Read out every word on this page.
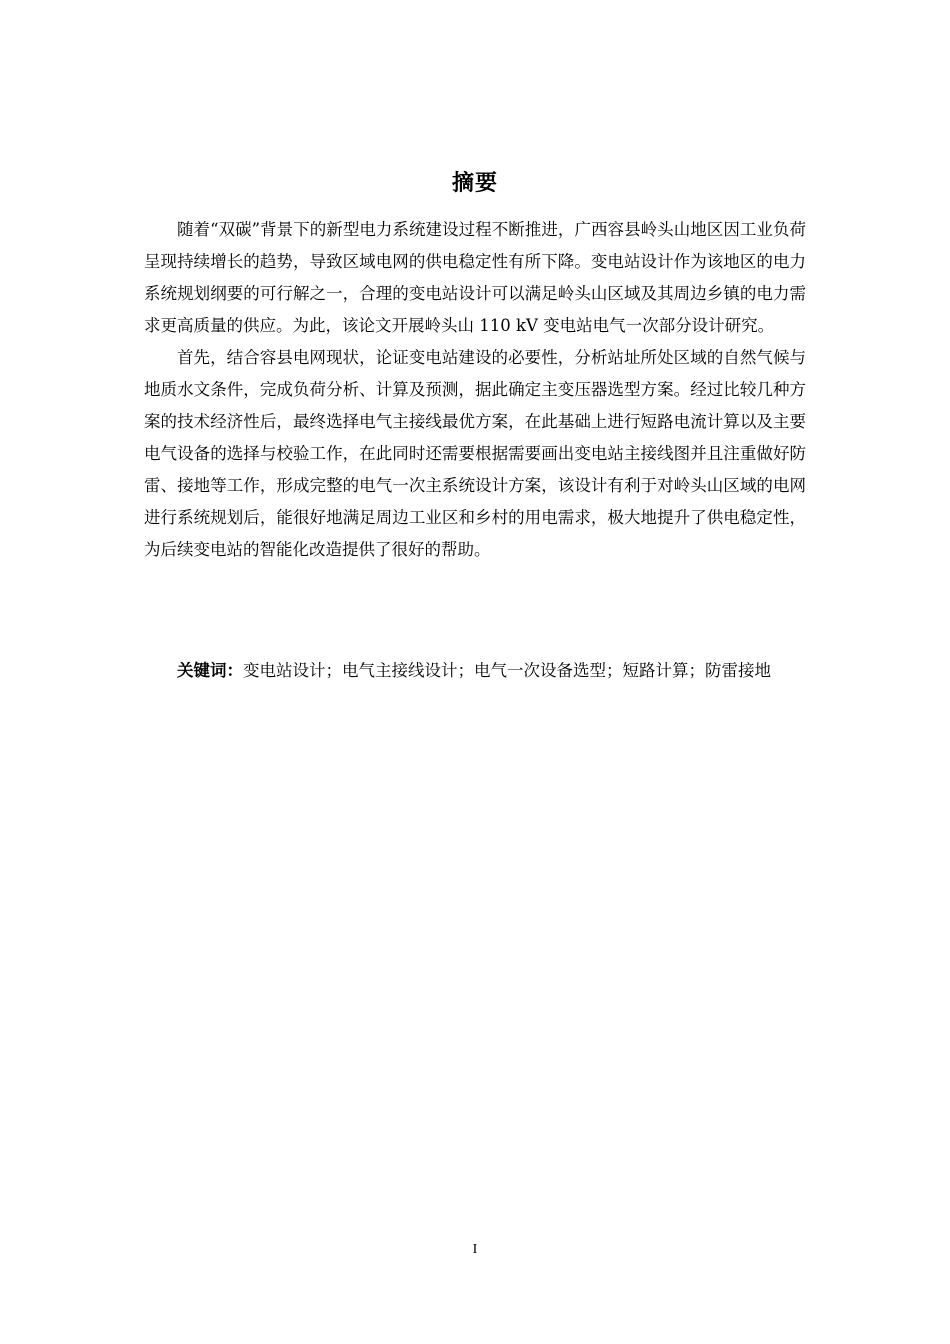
摘要

随着“双碳”背景下的新型电力系统建设过程不断推进，广西容县岭头山地区因工业负荷呈现持续增长的趋势，导致区域电网的供电稳定性有所下降。变电站设计作为该地区的电力系统规划纲要的可行解之一，合理的变电站设计可以满足岭头山区域及其周边乡镇的电力需求更高质量的供应。为此，该论文开展岭头山 110 kV 变电站电气一次部分设计研究。

首先，结合容县电网现状，论证变电站建设的必要性，分析站址所处区域的自然气候与地质水文条件，完成负荷分析、计算及预测，据此确定主变压器选型方案。经过比较几种方案的技术经济性后，最终选择电气主接线最优方案，在此基础上进行短路电流计算以及主要电气设备的选择与校验工作，在此同时还需要根据需要画出变电站主接线图并且注重做好防雷、接地等工作，形成完整的电气一次主系统设计方案，该设计有利于对岭头山区域的电网进行系统规划后，能很好地满足周边工业区和乡村的用电需求，极大地提升了供电稳定性，为后续变电站的智能化改造提供了很好的帮助。

关键词：变电站设计；电气主接线设计；电气一次设备选型；短路计算；防雷接地

I
